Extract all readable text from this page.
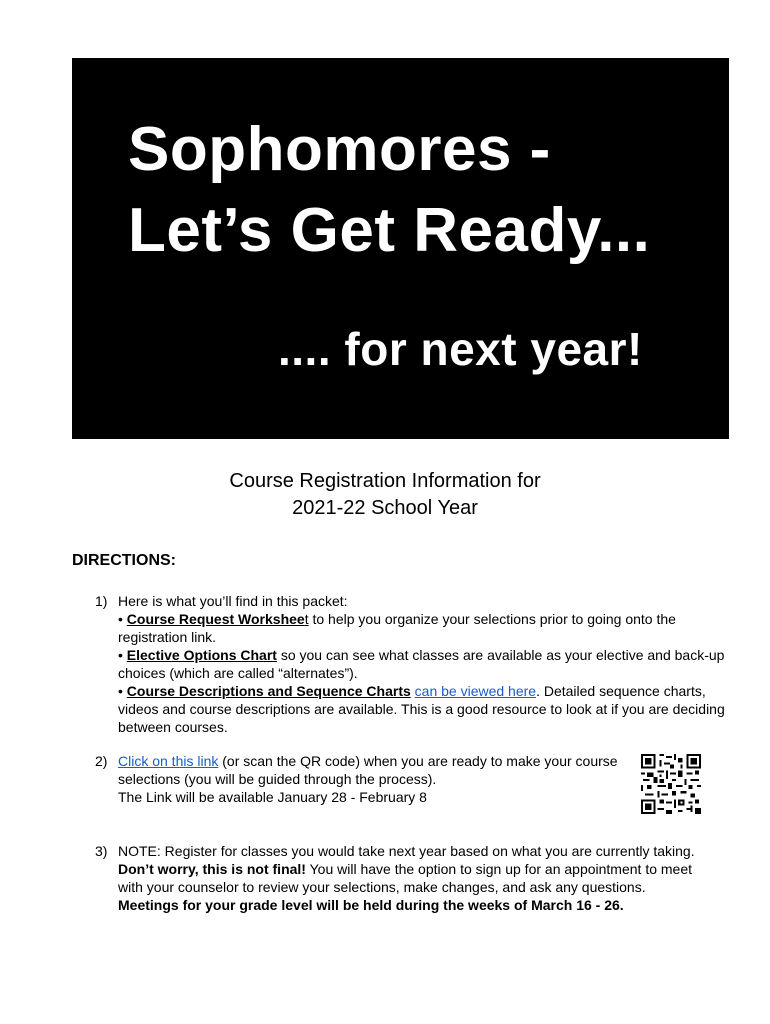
Sophomores -
Let’s Get Ready...
.... for next year!
Course Registration Information for
2021-22 School Year
DIRECTIONS:
1) Here is what you’ll find in this packet:
• Course Request Worksheet to help you organize your selections prior to going onto the registration link.
• Elective Options Chart so you can see what classes are available as your elective and back-up choices (which are called “alternates”).
• Course Descriptions and Sequence Charts can be viewed here. Detailed sequence charts, videos and course descriptions are available. This is a good resource to look at if you are deciding between courses.
2) Click on this link (or scan the QR code) when you are ready to make your course selections (you will be guided through the process).
The Link will be available January 28 - February 8
3) NOTE: Register for classes you would take next year based on what you are currently taking. Don’t worry, this is not final! You will have the option to sign up for an appointment to meet with your counselor to review your selections, make changes, and ask any questions. Meetings for your grade level will be held during the weeks of March 16 - 26.
